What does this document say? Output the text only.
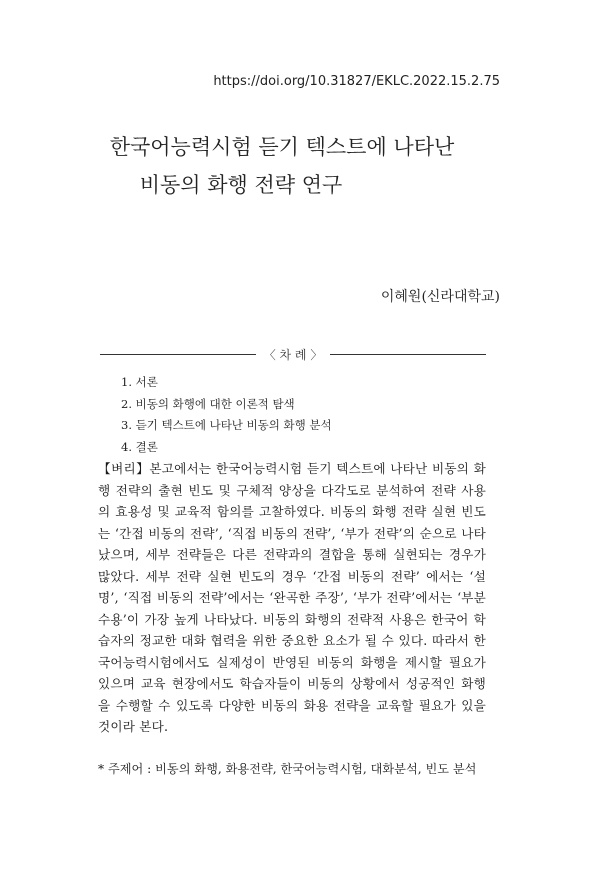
https://doi.org/10.31827/EKLC.2022.15.2.75
한국어능력시험 듣기 텍스트에 나타난
비동의 화행 전략 연구
이혜원(신라대학교)
〈 차 례 〉
1. 서론
2. 비동의 화행에 대한 이론적 탐색
3. 듣기 텍스트에 나타난 비동의 화행 분석
4. 결론
【벼리】본고에서는 한국어능력시험 듣기 텍스트에 나타난 비동의 화행 전략의 출현 빈도 및 구체적 양상을 다각도로 분석하여 전략 사용의 효용성 및 교육적 함의를 고찰하였다. 비동의 화행 전략 실현 빈도는 ‘간접 비동의 전략’, ‘직접 비동의 전략’, ‘부가 전략’의 순으로 나타났으며, 세부 전략들은 다른 전략과의 결합을 통해 실현되는 경우가 많았다. 세부 전략 실현 빈도의 경우 ‘간접 비동의 전략’ 에서는 ‘설명’, ‘직접 비동의 전략’에서는 ‘완곡한 주장’, ‘부가 전략’에서는 ‘부분 수용’이 가장 높게 나타났다. 비동의 화행의 전략적 사용은 한국어 학습자의 정교한 대화 협력을 위한 중요한 요소가 될 수 있다. 따라서 한국어능력시험에서도 실제성이 반영된 비동의 화행을 제시할 필요가 있으며 교육 현장에서도 학습자들이 비동의 상황에서 성공적인 화행을 수행할 수 있도록 다양한 비동의 화용 전략을 교육할 필요가 있을 것이라 본다.
* 주제어 : 비동의 화행, 화용전략, 한국어능력시험, 대화분석, 빈도 분석
